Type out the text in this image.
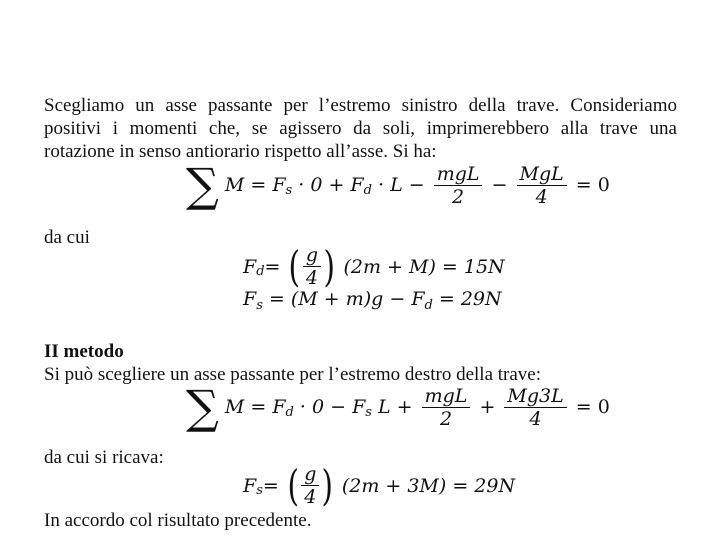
Scegliamo un asse passante per l’estremo sinistro della trave. Consideriamo
positivi i momenti che, se agissero da soli, imprimerebbero alla trave una
rotazione in senso antiorario rispetto all’asse. Si ha:
∑ $M = F_s \cdot 0 + F_d \cdot L - \frac{\text{mgL}}{2} - \frac{\text{MgL}}{4} = 0$
da cui
$F_d=$ ( $\frac{g}{4}$ ) (2m + M) = 15N
$F_s = (M + m)g - F_d = 29N$
II metodo
Si può scegliere un asse passante per l’estremo destro della trave:
∑ $M = F_d \cdot 0 - F_s$ $L + \frac{\text{mgL}}{2} + \frac{Mg3L}{4} = 0$
da cui si ricava:
$F_s=$ ( $\frac{g}{4}$ ) (2m + 3M) = 29N
In accordo col risultato precedente.
